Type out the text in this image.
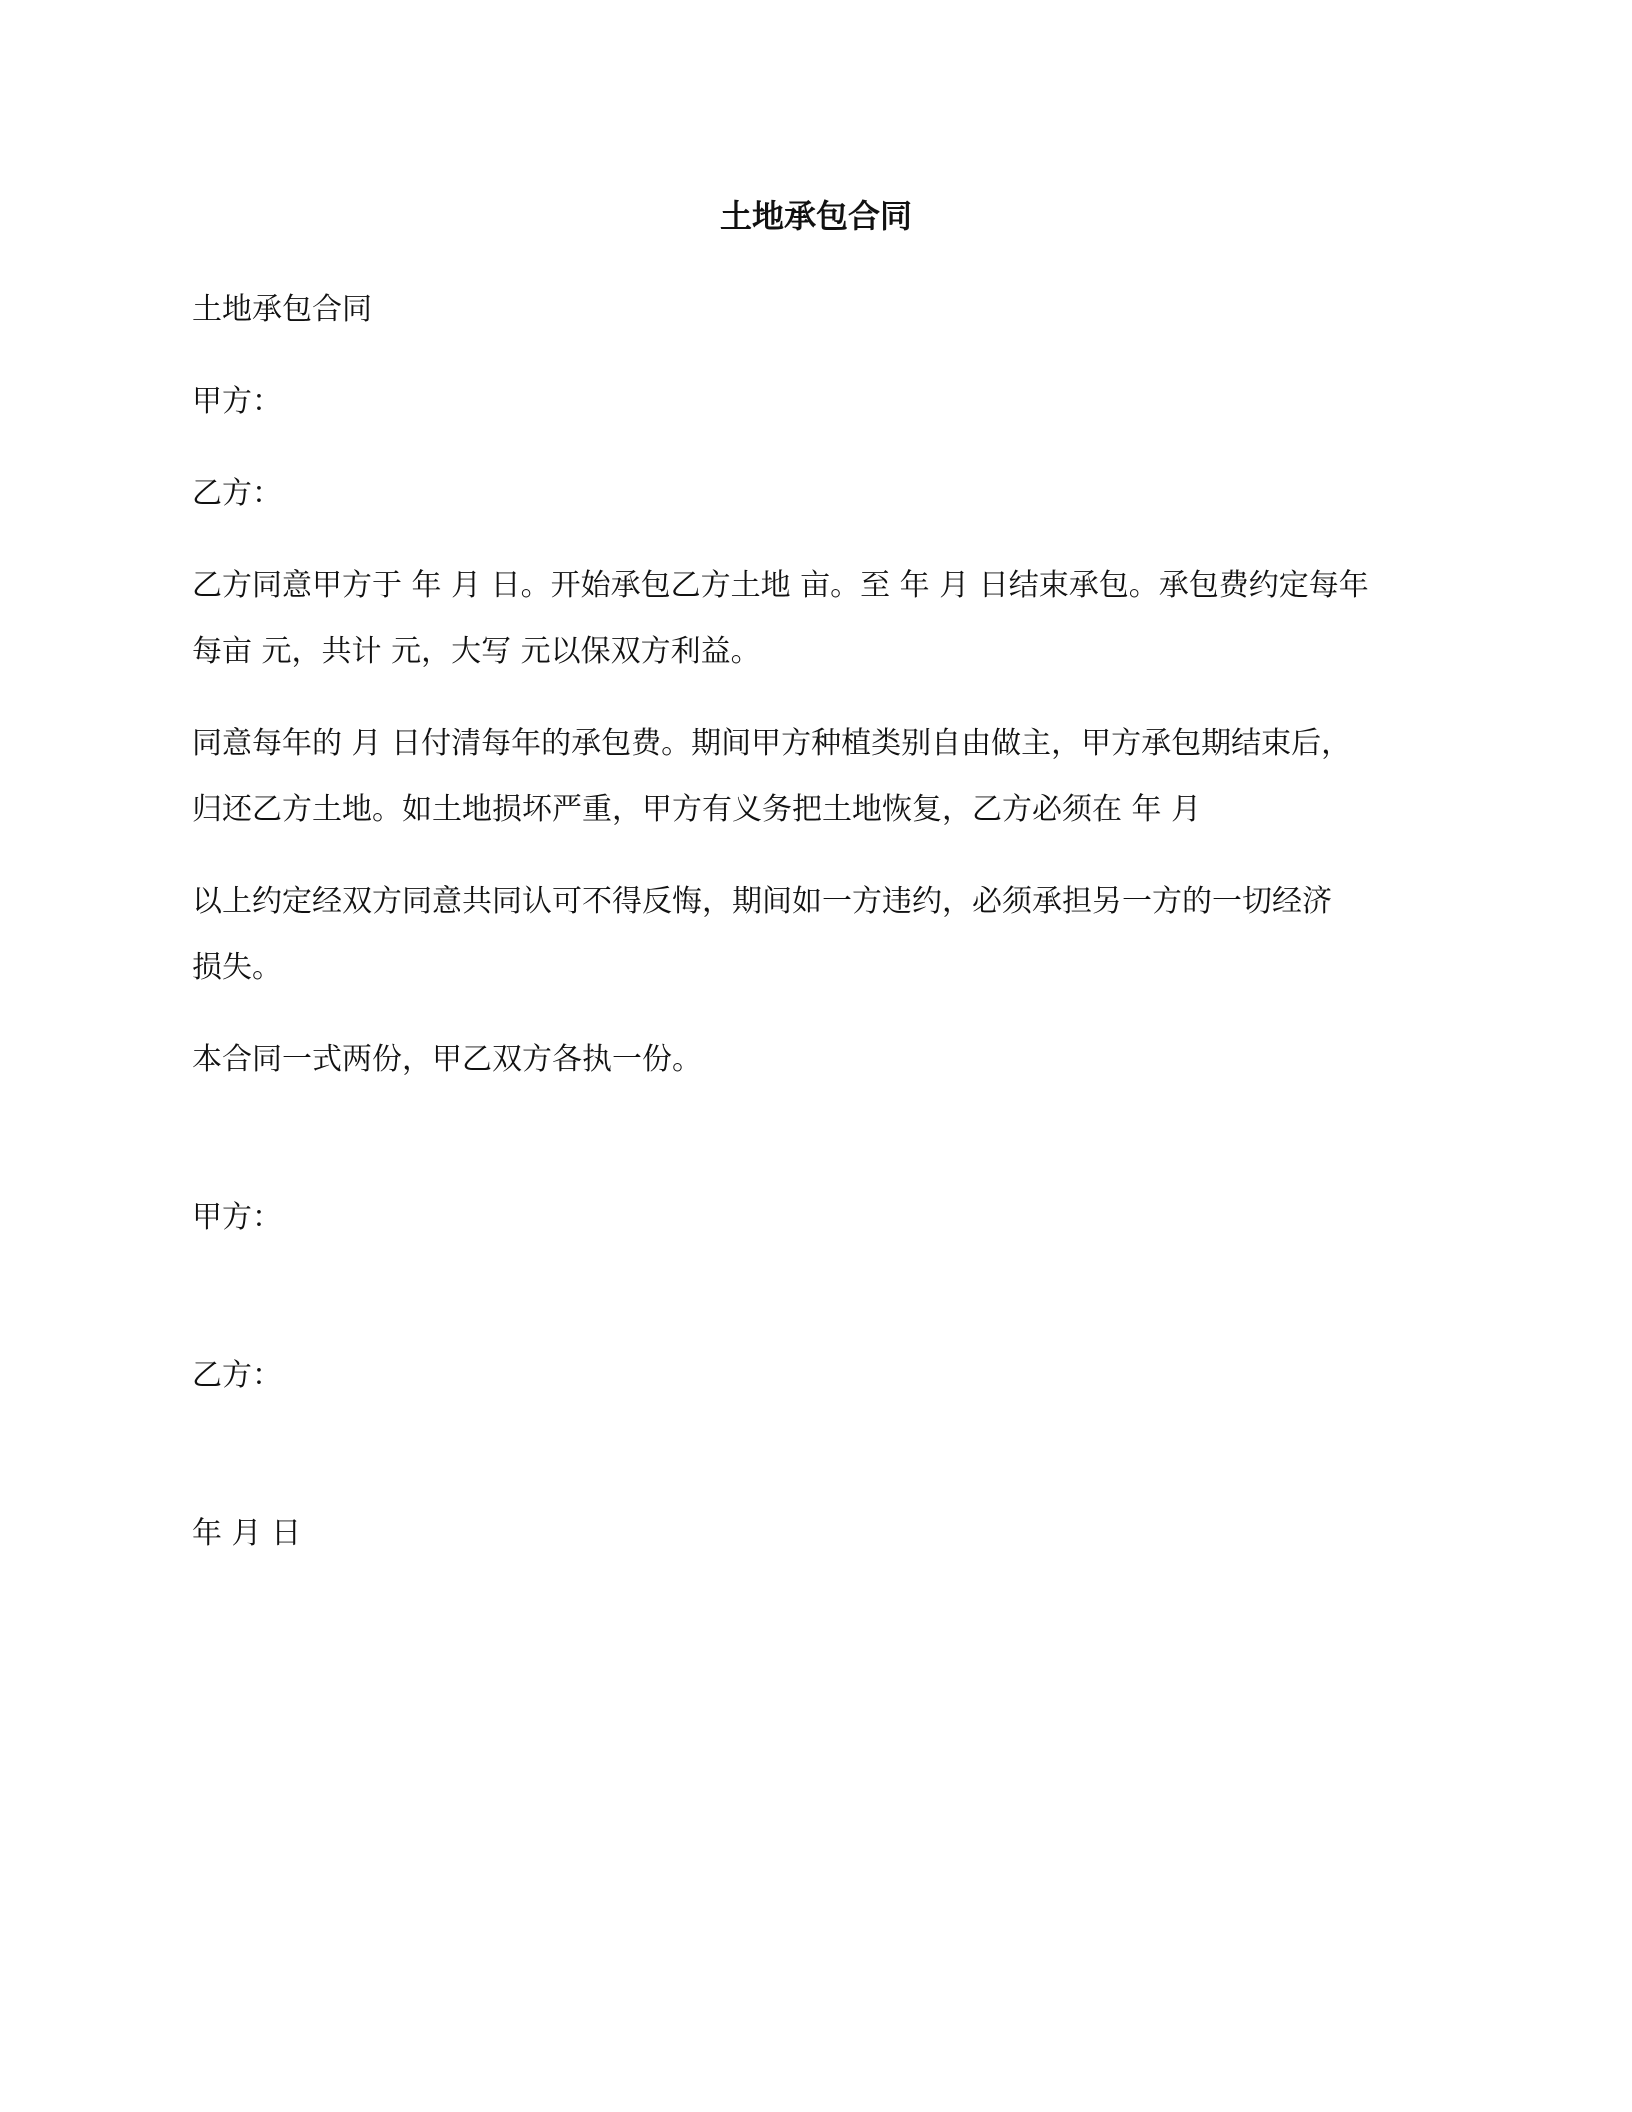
土地承包合同
土地承包合同
甲方：
乙方：
乙方同意甲方于 年 月 日。开始承包乙方土地 亩。至 年 月 日结束承包。承包费约定每年
每亩 元，共计 元，大写 元以保双方利益。
同意每年的 月 日付清每年的承包费。期间甲方种植类别自由做主，甲方承包期结束后，
归还乙方土地。如土地损坏严重，甲方有义务把土地恢复，乙方必须在 年 月
以上约定经双方同意共同认可不得反悔，期间如一方违约，必须承担另一方的一切经济
损失。
本合同一式两份，甲乙双方各执一份。
甲方：
乙方：
年 月 日
